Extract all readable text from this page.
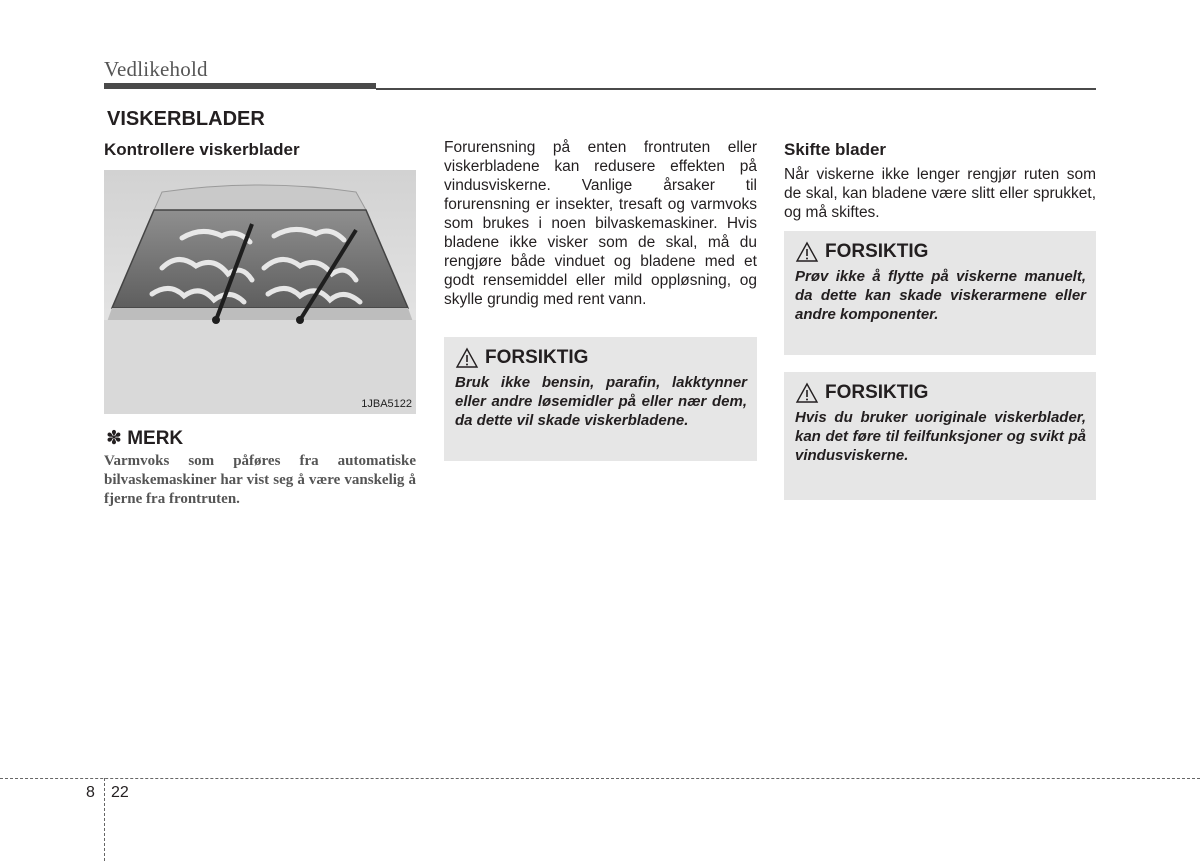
Vedlikehold
VISKERBLADER
Kontrollere viskerblader
1JBA5122
✽ MERK

Varmvoks som påføres fra automatiske bilvaskemaskiner har vist seg å være vanskelig å fjerne fra frontruten.

Forurensning på enten frontruten eller viskerbladene kan redusere effekten på vindusviskerne. Vanlige årsaker til forurensning er insekter, tresaft og varmvoks som brukes i noen bilvaskemaskiner. Hvis bladene ikke visker som de skal, må du rengjøre både vinduet og bladene med et godt rensemiddel eller mild oppløsning, og skylle grundig med rent vann.

FORSIKTIG

Bruk ikke bensin, parafin, lakktynner eller andre løsemidler på eller nær dem, da dette vil skade viskerbladene.

Skifte blader

Når viskerne ikke lenger rengjør ruten som de skal, kan bladene være slitt eller sprukket, og må skiftes.

FORSIKTIG

Prøv ikke å flytte på viskerne manuelt, da dette kan skade viskerarmene eller andre komponenter.

FORSIKTIG

Hvis du bruker uoriginale viskerblader, kan det føre til feilfunksjoner og svikt på vindusviskerne.

8 22
